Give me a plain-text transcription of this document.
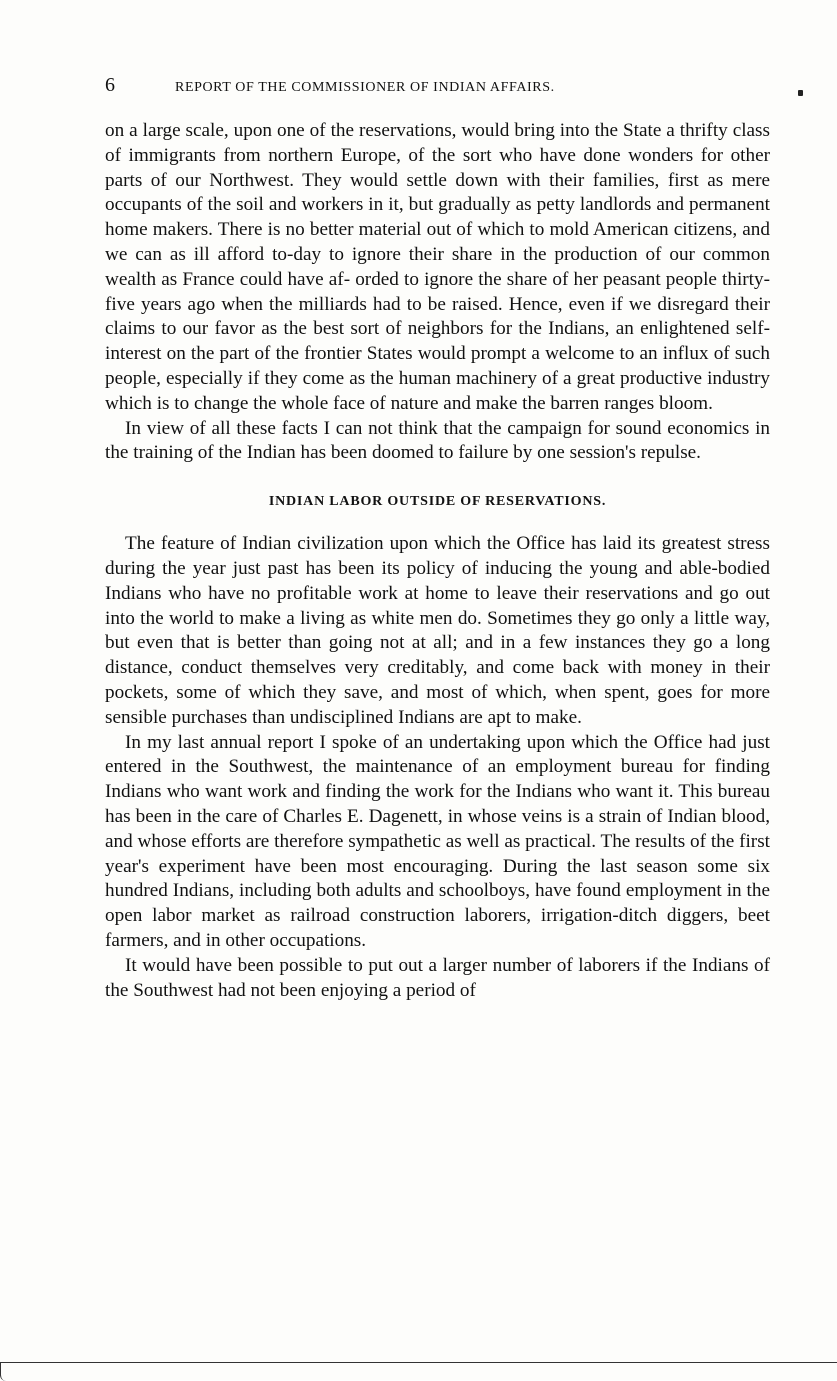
6	REPORT OF THE COMMISSIONER OF INDIAN AFFAIRS.

on a large scale, upon one of the reservations, would bring into the State a thrifty class of immigrants from northern Europe, of the sort who have done wonders for other parts of our Northwest. They would settle down with their families, first as mere occupants of the soil and workers in it, but gradually as petty landlords and permanent home makers. There is no better material out of which to mold American citizens, and we can as ill afford to-day to ignore their share in the production of our common wealth as France could have af- orded to ignore the share of her peasant people thirty-five years ago when the milliards had to be raised. Hence, even if we disregard their claims to our favor as the best sort of neighbors for the Indians, an enlightened self-interest on the part of the frontier States would prompt a welcome to an influx of such people, especially if they come as the human machinery of a great productive industry which is to change the whole face of nature and make the barren ranges bloom.

In view of all these facts I can not think that the campaign for sound economics in the training of the Indian has been doomed to failure by one session's repulse.

INDIAN LABOR OUTSIDE OF RESERVATIONS.

The feature of Indian civilization upon which the Office has laid its greatest stress during the year just past has been its policy of inducing the young and able-bodied Indians who have no profitable work at home to leave their reservations and go out into the world to make a living as white men do. Sometimes they go only a little way, but even that is better than going not at all; and in a few instances they go a long distance, conduct themselves very creditably, and come back with money in their pockets, some of which they save, and most of which, when spent, goes for more sensible purchases than undisciplined Indians are apt to make.

In my last annual report I spoke of an undertaking upon which the Office had just entered in the Southwest, the maintenance of an employment bureau for finding Indians who want work and finding the work for the Indians who want it. This bureau has been in the care of Charles E. Dagenett, in whose veins is a strain of Indian blood, and whose efforts are therefore sympathetic as well as practical. The results of the first year's experiment have been most encouraging. During the last season some six hundred Indians, including both adults and schoolboys, have found employment in the open labor market as railroad construction laborers, irrigation-ditch diggers, beet farmers, and in other occupations.

It would have been possible to put out a larger number of laborers if the Indians of the Southwest had not been enjoying a period of
